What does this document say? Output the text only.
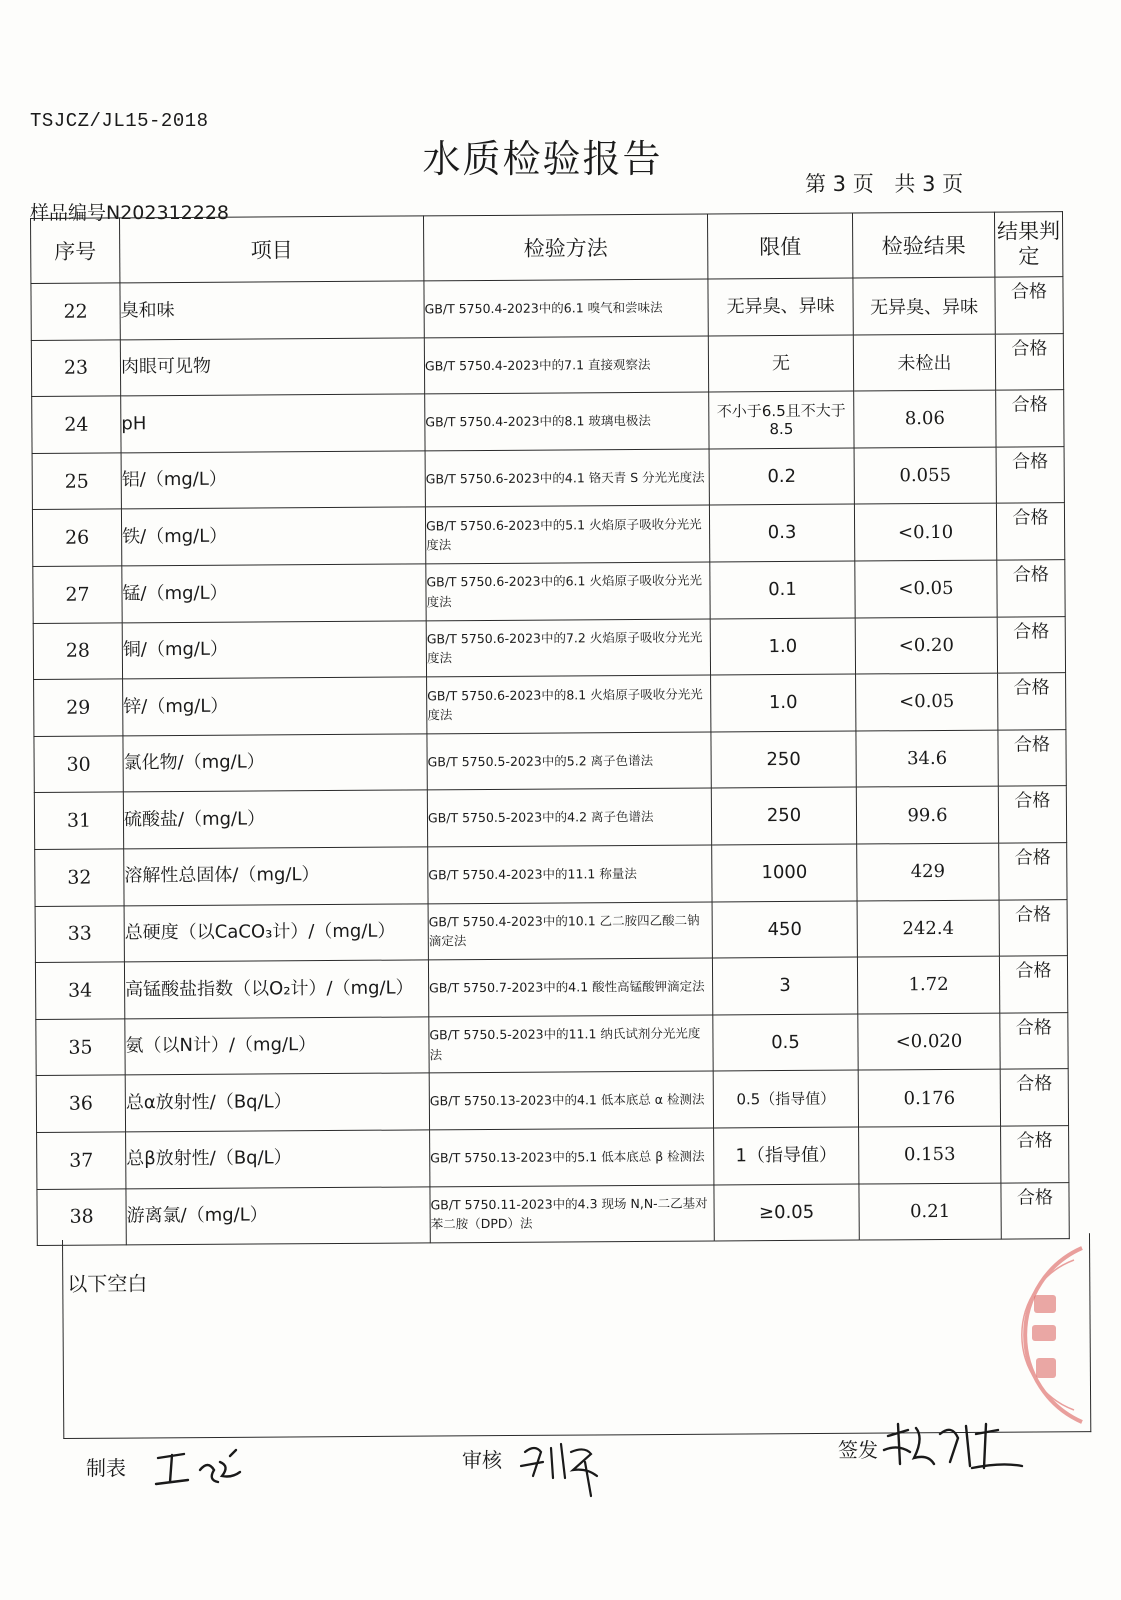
TSJCZ/JL15-2018
水质检验报告
第 3 页 共 3 页
样品编号N202312228
序号	项目	检验方法	限值	检验结果	结果判定
22	臭和味	GB/T 5750.4-2023中的6.1 嗅气和尝味法	无异臭、异味	无异臭、异味	合格
23	肉眼可见物	GB/T 5750.4-2023中的7.1 直接观察法	无	未检出	合格
24	pH	GB/T 5750.4-2023中的8.1 玻璃电极法	不小于6.5且不大于8.5	8.06	合格
25	铝/（mg/L）	GB/T 5750.6-2023中的4.1 铬天青 S 分光光度法	0.2	0.055	合格
26	铁/（mg/L）	GB/T 5750.6-2023中的5.1 火焰原子吸收分光光度法	0.3	<0.10	合格
27	锰/（mg/L）	GB/T 5750.6-2023中的6.1 火焰原子吸收分光光度法	0.1	<0.05	合格
28	铜/（mg/L）	GB/T 5750.6-2023中的7.2 火焰原子吸收分光光度法	1.0	<0.20	合格
29	锌/（mg/L）	GB/T 5750.6-2023中的8.1 火焰原子吸收分光光度法	1.0	<0.05	合格
30	氯化物/（mg/L）	GB/T 5750.5-2023中的5.2 离子色谱法	250	34.6	合格
31	硫酸盐/（mg/L）	GB/T 5750.5-2023中的4.2 离子色谱法	250	99.6	合格
32	溶解性总固体/（mg/L）	GB/T 5750.4-2023中的11.1 称量法	1000	429	合格
33	总硬度（以CaCO₃计）/（mg/L）	GB/T 5750.4-2023中的10.1 乙二胺四乙酸二钠滴定法	450	242.4	合格
34	高锰酸盐指数（以O₂计）/（mg/L）	GB/T 5750.7-2023中的4.1 酸性高锰酸钾滴定法	3	1.72	合格
35	氨（以N计）/（mg/L）	GB/T 5750.5-2023中的11.1 纳氏试剂分光光度法	0.5	<0.020	合格
36	总α放射性/（Bq/L）	GB/T 5750.13-2023中的4.1 低本底总 α 检测法	0.5（指导值）	0.176	合格
37	总β放射性/（Bq/L）	GB/T 5750.13-2023中的5.1 低本底总 β 检测法	1（指导值）	0.153	合格
38	游离氯/（mg/L）	GB/T 5750.11-2023中的4.3 现场 N,N-二乙基对苯二胺（DPD）法	≥0.05	0.21	合格
以下空白
制表	审核	签发
